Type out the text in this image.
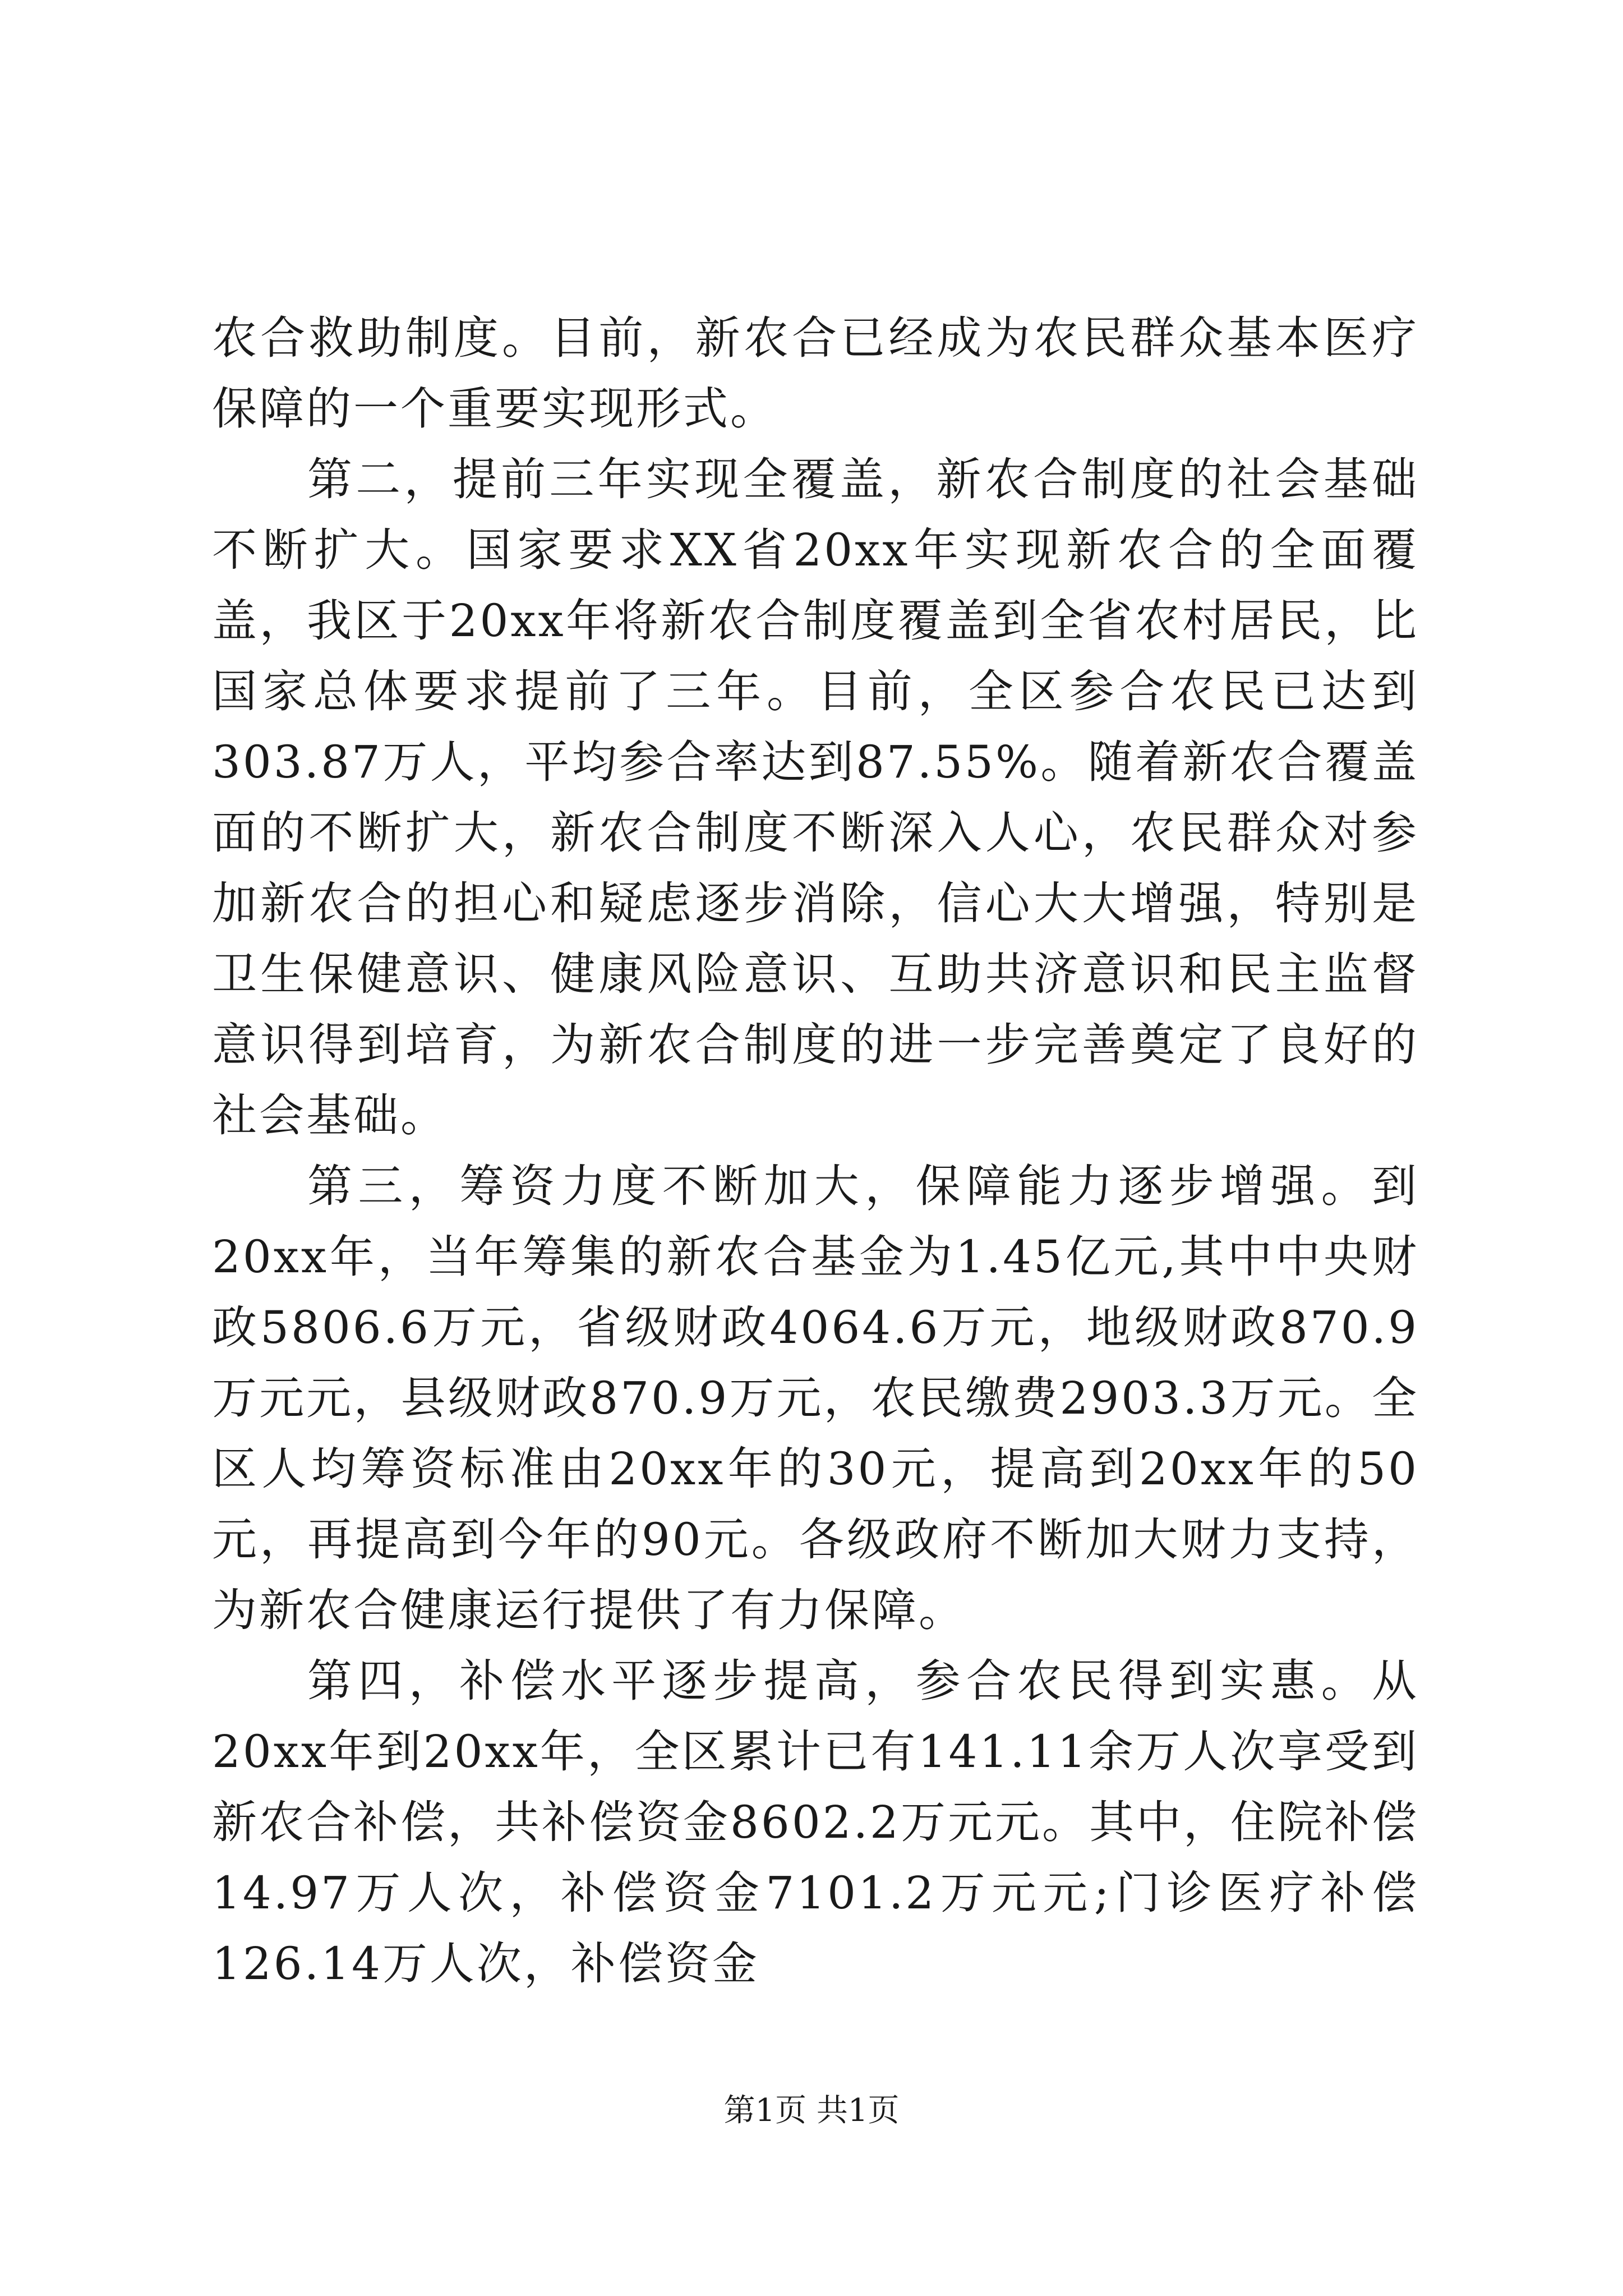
农合救助制度。目前，新农合已经成为农民群众基本医疗保障的一个重要实现形式。

第二，提前三年实现全覆盖，新农合制度的社会基础不断扩大。国家要求XX省20xx年实现新农合的全面覆盖，我区于20xx年将新农合制度覆盖到全省农村居民，比国家总体要求提前了三年。目前，全区参合农民已达到303.87万人，平均参合率达到87.55%。随着新农合覆盖面的不断扩大，新农合制度不断深入人心，农民群众对参加新农合的担心和疑虑逐步消除，信心大大增强，特别是卫生保健意识、健康风险意识、互助共济意识和民主监督意识得到培育，为新农合制度的进一步完善奠定了良好的社会基础。

第三，筹资力度不断加大，保障能力逐步增强。到20xx年，当年筹集的新农合基金为1.45亿元,其中中央财政5806.6万元，省级财政4064.6万元，地级财政870.9万元元，县级财政870.9万元，农民缴费2903.3万元。全区人均筹资标准由20xx年的30元，提高到20xx年的50元，再提高到今年的90元。各级政府不断加大财力支持，为新农合健康运行提供了有力保障。

第四，补偿水平逐步提高，参合农民得到实惠。从20xx年到20xx年，全区累计已有141.11余万人次享受到新农合补偿，共补偿资金8602.2万元元。其中，住院补偿14.97万人次，补偿资金7101.2万元元;门诊医疗补偿126.14万人次，补偿资金

第1页 共1页
